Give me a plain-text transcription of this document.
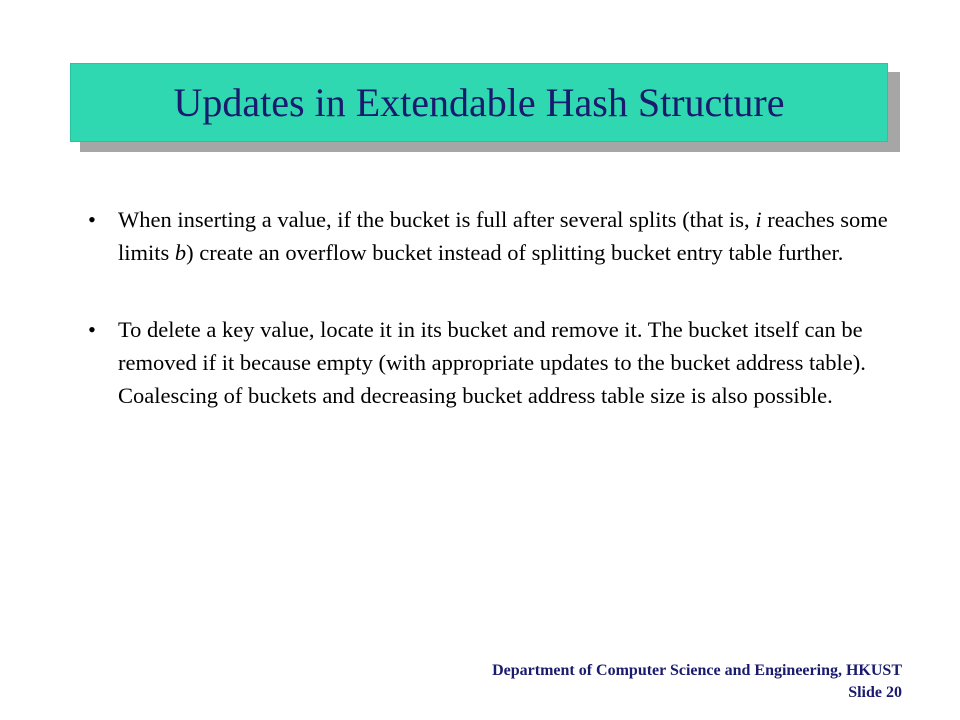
Updates in Extendable Hash Structure
• When inserting a value, if the bucket is full after several splits (that is, i reaches some limits b) create an overflow bucket instead of splitting bucket entry table further.
• To delete a key value, locate it in its bucket and remove it. The bucket itself can be removed if it because empty (with appropriate updates to the bucket address table). Coalescing of buckets and decreasing bucket address table size is also possible.
Department of Computer Science and Engineering, HKUST
Slide 20
